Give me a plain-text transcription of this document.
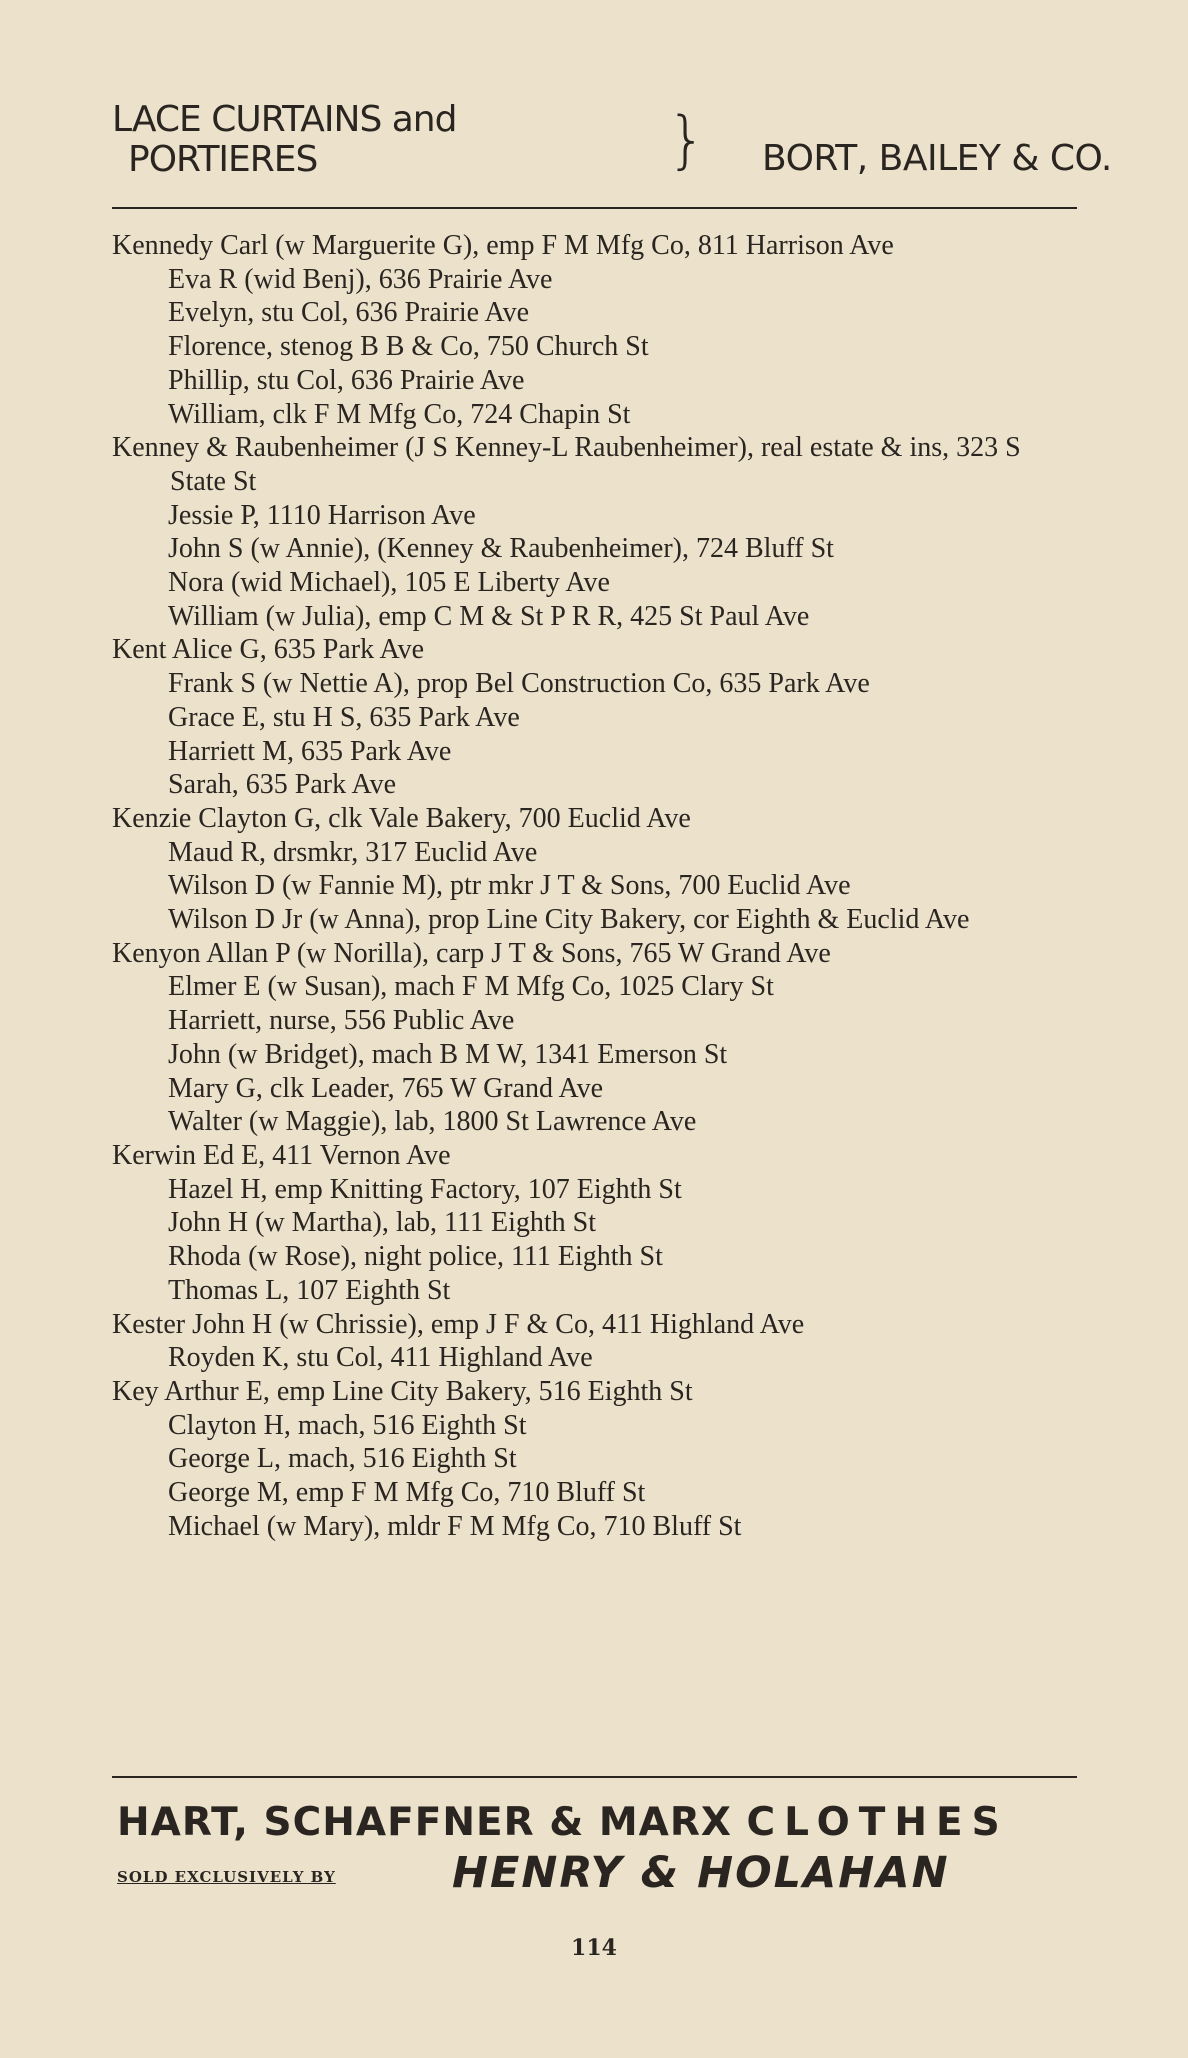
LACE CURTAINS and
PORTIERES	} BORT, BAILEY & CO.

Kennedy Carl (w Marguerite G), emp F M Mfg Co, 811 Harrison Ave

Eva R (wid Benj), 636 Prairie Ave

Evelyn, stu Col, 636 Prairie Ave

Florence, stenog B B & Co, 750 Church St

Phillip, stu Col, 636 Prairie Ave

William, clk F M Mfg Co, 724 Chapin St

Kenney & Raubenheimer (J S Kenney-L Raubenheimer), real estate & ins, 323 S State St

Jessie P, 1110 Harrison Ave

John S (w Annie), (Kenney & Raubenheimer), 724 Bluff St

Nora (wid Michael), 105 E Liberty Ave

William (w Julia), emp C M & St P R R, 425 St Paul Ave

Kent Alice G, 635 Park Ave

Frank S (w Nettie A), prop Bel Construction Co, 635 Park Ave

Grace E, stu H S, 635 Park Ave

Harriett M, 635 Park Ave

Sarah, 635 Park Ave

Kenzie Clayton G, clk Vale Bakery, 700 Euclid Ave

Maud R, drsmkr, 317 Euclid Ave

Wilson D (w Fannie M), ptr mkr J T & Sons, 700 Euclid Ave

Wilson D Jr (w Anna), prop Line City Bakery, cor Eighth & Euclid Ave

Kenyon Allan P (w Norilla), carp J T & Sons, 765 W Grand Ave

Elmer E (w Susan), mach F M Mfg Co, 1025 Clary St

Harriett, nurse, 556 Public Ave

John (w Bridget), mach B M W, 1341 Emerson St

Mary G, clk Leader, 765 W Grand Ave

Walter (w Maggie), lab, 1800 St Lawrence Ave

Kerwin Ed E, 411 Vernon Ave

Hazel H, emp Knitting Factory, 107 Eighth St

John H (w Martha), lab, 111 Eighth St

Rhoda (w Rose), night police, 111 Eighth St

Thomas L, 107 Eighth St

Kester John H (w Chrissie), emp J F & Co, 411 Highland Ave

Royden K, stu Col, 411 Highland Ave

Key Arthur E, emp Line City Bakery, 516 Eighth St

Clayton H, mach, 516 Eighth St

George L, mach, 516 Eighth St

George M, emp F M Mfg Co, 710 Bluff St

Michael (w Mary), mldr F M Mfg Co, 710 Bluff St

HART, SCHAFFNER & MARX CLOTHES
SOLD EXCLUSIVELY BY	HENRY & HOLAHAN
114
